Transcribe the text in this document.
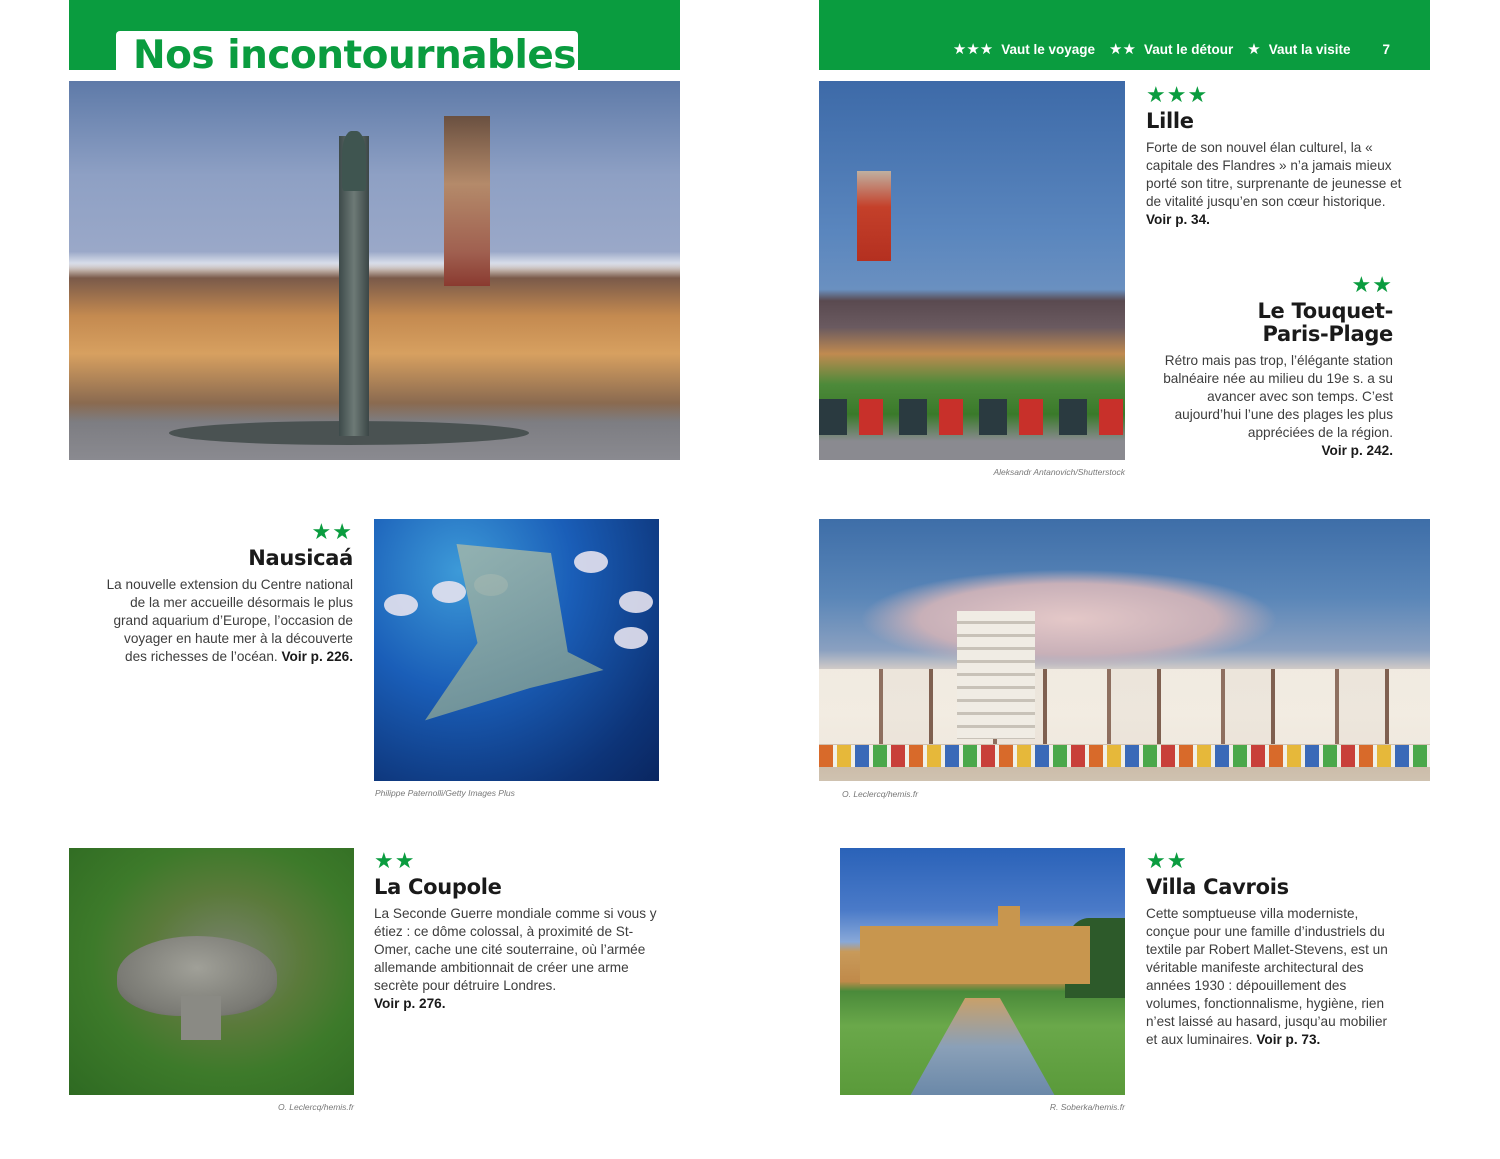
Nos incontournables	★★★ Vaut le voyage ★★ Vaut le détour ★ Vaut la visite 7
Aleksandr Antanovich/Shutterstock
★★★
Lille

Forte de son nouvel élan culturel, la « capitale des Flandres » n’a jamais mieux porté son titre, surprenante de jeunesse et de vitalité jusqu’en son cœur historique. Voir p. 34.

★★
Le Touquet-
Paris-Plage

Rétro mais pas trop, l’élégante station balnéaire née au milieu du 19e s. a su avancer avec son temps. C’est aujourd’hui l’une des plages les plus appréciées de la région.
Voir p. 242.

★★
Nausicaá

La nouvelle extension du Centre national de la mer accueille désormais le plus grand aquarium d’Europe, l’occasion de voyager en haute mer à la découverte des richesses de l’océan. Voir p. 226.

Philippe Paternolli/Getty Images Plus	O. Leclercq/hemis.fr
O. Leclercq/hemis.fr
★★
La Coupole

La Seconde Guerre mondiale comme si vous y étiez : ce dôme colossal, à proximité de St-Omer, cache une cité souterraine, où l’armée allemande ambitionnait de créer une arme secrète pour détruire Londres.
Voir p. 276.

R. Soberka/hemis.fr
★★
Villa Cavrois

Cette somptueuse villa moderniste, conçue pour une famille d’industriels du textile par Robert Mallet-Stevens, est un véritable manifeste architectural des années 1930 : dépouillement des volumes, fonctionnalisme, hygiène, rien n’est laissé au hasard, jusqu’au mobilier et aux luminaires. Voir p. 73.
